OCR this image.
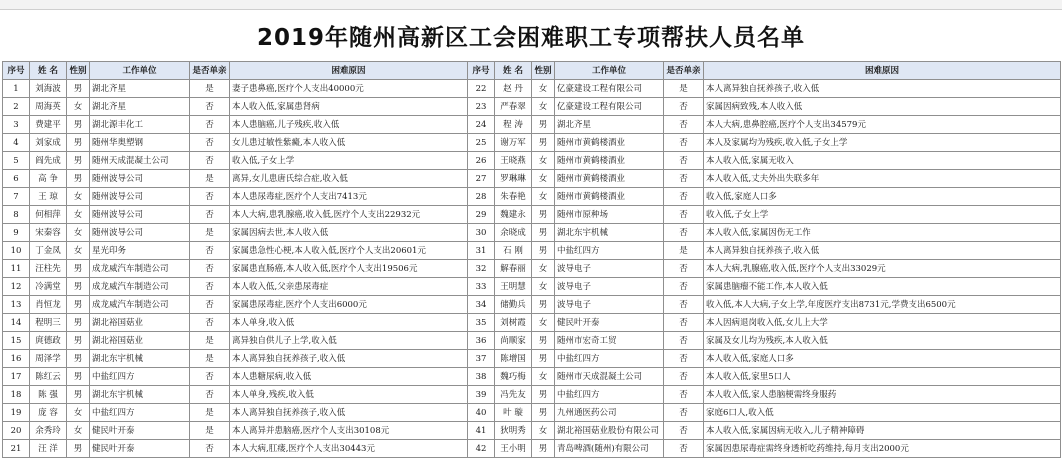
2019年随州高新区工会困难职工专项帮扶人员名单
序号	姓 名	性别	工作单位	是否单亲	困难原因	序号	姓 名	性别	工作单位	是否单亲	困难原因
1	刘海波	男	湖北齐星	是	妻子患鼻癌,医疗个人支出40000元	22	赵 丹	女	亿豪建设工程有限公司	是	本人离异独自抚养孩子,收入低
2	周海英	女	湖北齐星	否	本人收入低,家属患肾病	23	严春翠	女	亿豪建设工程有限公司	否	家属因病致残,本人收入低
3	费建平	男	湖北源丰化工	否	本人患脑癌,儿子残疾,收入低	24	程 涛	男	湖北齐星	否	本人大病,患鼻腔癌,医疗个人支出34579元
4	刘家成	男	随州华奥塑钢	否	女儿患过敏性紫癜,本人收入低	25	谢万军	男	随州市黄鹤楼酒业	否	本人及家属均为残疾,收入低,子女上学
5	阎先成	男	随州天成混凝土公司	否	收入低,子女上学	26	王晓燕	女	随州市黄鹤楼酒业	否	本人收入低,家属无收入
6	高 争	男	随州波导公司	是	离异,女儿患唐氏综合症,收入低	27	罗琳琳	女	随州市黄鹤楼酒业	否	本人收入低,丈夫外出失联多年
7	王 琼	女	随州波导公司	否	本人患尿毒症,医疗个人支出7413元	28	朱春艳	女	随州市黄鹤楼酒业	否	收入低,家庭人口多
8	何相萍	女	随州波导公司	否	本人大病,患乳腺癌,收入低,医疗个人支出22932元	29	魏建永	男	随州市原种场	否	收入低,子女上学
9	宋秦容	女	随州波导公司	是	家属因病去世,本人收入低	30	余晓成	男	湖北东宇机械	否	本人收入低,家属因伤无工作
10	丁金凤	女	星光印务	否	家属患急性心梗,本人收入低,医疗个人支出20601元	31	石 刚	男	中盐红四方	是	本人离异独自抚养孩子,收入低
11	汪柱先	男	成龙威汽车制造公司	否	家属患直肠癌,本人收入低,医疗个人支出19506元	32	解春丽	女	波导电子	否	本人大病,乳腺癌,收入低,医疗个人支出33029元
12	冷满堂	男	成龙威汽车制造公司	否	本人收入低,父亲患尿毒症	33	王明慧	女	波导电子	否	家属患脑瘤不能工作,本人收入低
13	肖恒龙	男	成龙威汽车制造公司	否	家属患尿毒症,医疗个人支出6000元	34	储勤兵	男	波导电子	否	收入低,本人大病,子女上学,年度医疗支出8731元,学费支出6500元
14	程明三	男	湖北裕国菇业	否	本人单身,收入低	35	刘树霞	女	健民叶开泰	否	本人因病退岗收入低,女儿上大学
15	庹德政	男	湖北裕国菇业	是	离异独自供儿子上学,收入低	36	尚顺家	男	随州市宏奇工贸	否	家属及女儿均为残疾,本人收入低
16	周泽学	男	湖北东宇机械	是	本人离异独自抚养孩子,收入低	37	陈增国	男	中盐红四方	否	本人收入低,家庭人口多
17	陈红云	男	中盐红四方	否	本人患糖尿病,收入低	38	魏巧梅	女	随州市天成混凝土公司	否	本人收入低,家里5口人
18	陈 强	男	湖北东宇机械	否	本人单身,残疾,收入低	39	冯先友	男	中盐红四方	否	本人收入低,家人患脑梗需终身服药
19	庞 容	女	中盐红四方	是	本人离异独自抚养孩子,收入低	40	叶 璇	男	九州通医药公司	否	家庭6口人,收入低
20	余秀玲	女	健民叶开泰	是	本人离异并患脑癌,医疗个人支出30108元	41	狄明秀	女	湖北裕国菇业股份有限公司	否	本人收入低,家属因病无收入,儿子精神障碍
21	汪 洋	男	健民叶开泰	否	本人大病,肛瘘,医疗个人支出30443元	42	王小明	男	青岛啤酒(随州)有限公司	否	家属因患尿毒症需终身透析吃药维持,每月支出2000元
